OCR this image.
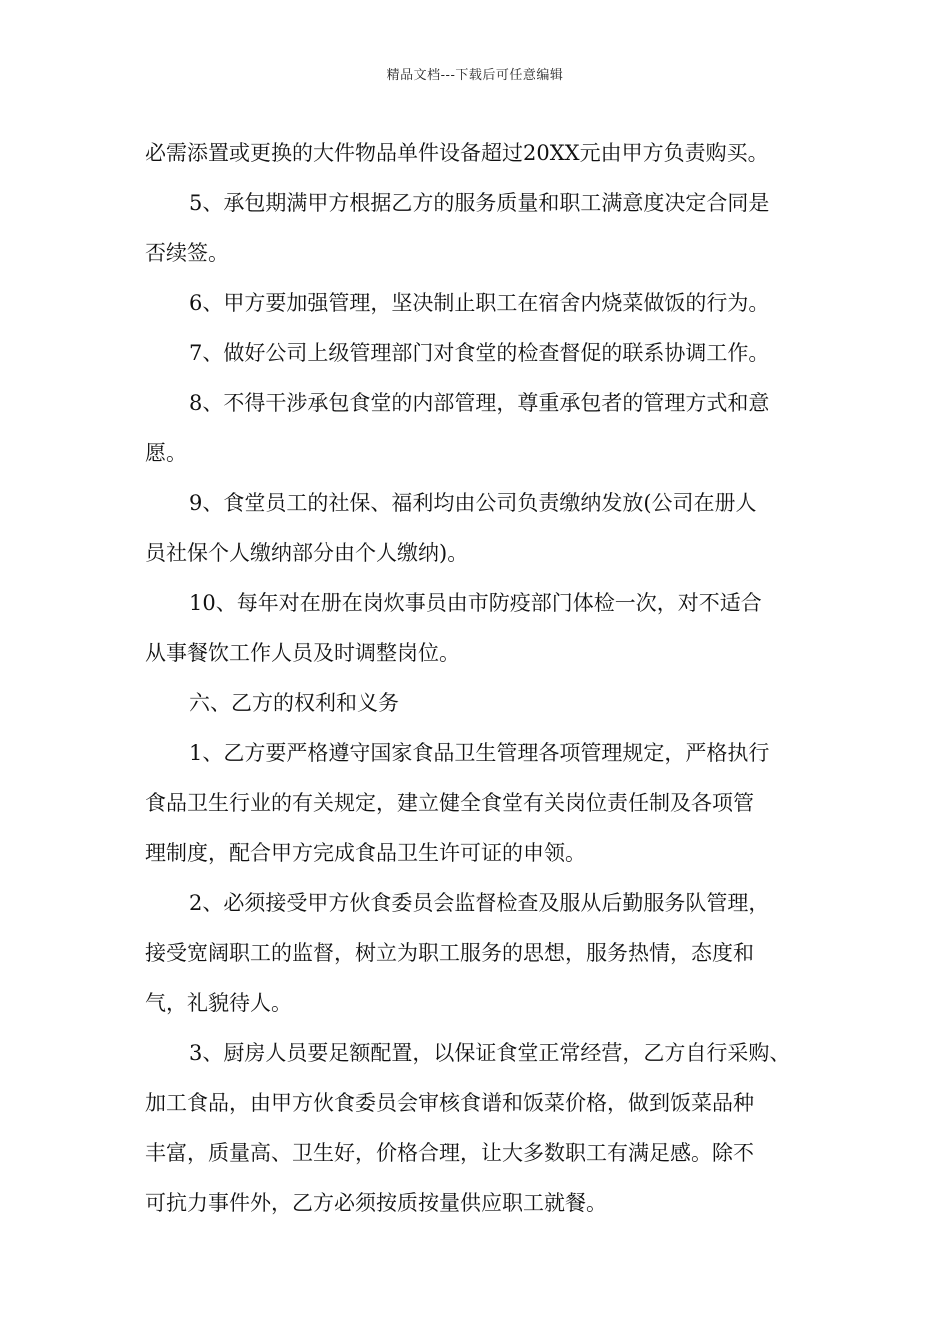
精品文档---下载后可任意编辑
必需添置或更换的大件物品单件设备超过20XX元由甲方负责购买。
5、承包期满甲方根据乙方的服务质量和职工满意度决定合同是
否续签。
6、甲方要加强管理，坚决制止职工在宿舍内烧菜做饭的行为。
7、做好公司上级管理部门对食堂的检查督促的联系协调工作。
8、不得干涉承包食堂的内部管理，尊重承包者的管理方式和意
愿。
9、食堂员工的社保、福利均由公司负责缴纳发放(公司在册人
员社保个人缴纳部分由个人缴纳)。
10、每年对在册在岗炊事员由市防疫部门体检一次，对不适合
从事餐饮工作人员及时调整岗位。
六、乙方的权利和义务
1、乙方要严格遵守国家食品卫生管理各项管理规定，严格执行
食品卫生行业的有关规定，建立健全食堂有关岗位责任制及各项管
理制度，配合甲方完成食品卫生许可证的申领。
2、必须接受甲方伙食委员会监督检查及服从后勤服务队管理，
接受宽阔职工的监督，树立为职工服务的思想，服务热情，态度和
气，礼貌待人。
3、厨房人员要足额配置，以保证食堂正常经营，乙方自行采购、
加工食品，由甲方伙食委员会审核食谱和饭菜价格，做到饭菜品种
丰富，质量高、卫生好，价格合理，让大多数职工有满足感。除不
可抗力事件外，乙方必须按质按量供应职工就餐。
